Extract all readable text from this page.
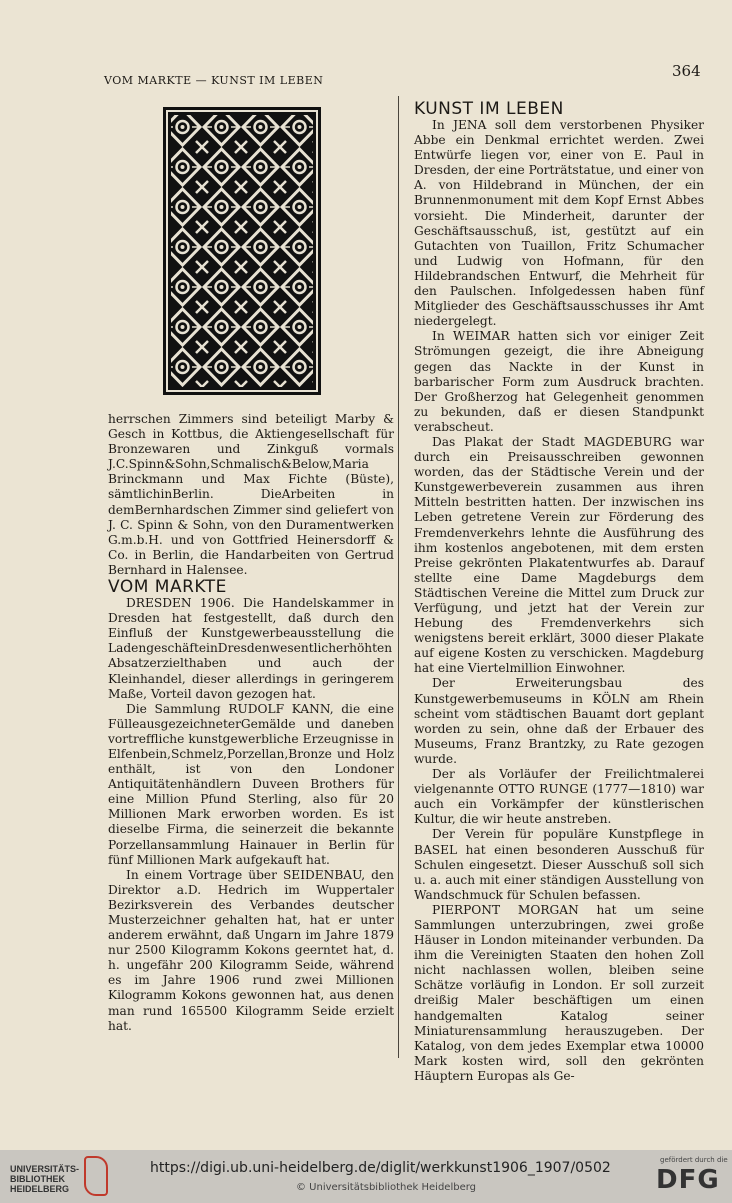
VOM MARKTE — KUNST IM LEBEN
364

herrschen Zimmers sind beteiligt Marby & Gesch in Kottbus, die Aktiengesellschaft für Bronzewaren und Zinkguß vormals J.C.Spinn&Sohn,Schmalisch&Below,Maria Brinckmann und Max Fichte (Büste), sämtlichinBerlin. DieArbeiten in demBernhardschen Zimmer sind geliefert von J. C. Spinn & Sohn, von den Duramentwerken G.m.b.H. und von Gottfried Heinersdorff & Co. in Berlin, die Handarbeiten von Gertrud Bernhard in Halensee.

VOM MARKTE

DRESDEN 1906. Die Handelskammer in Dresden hat festgestellt, daß durch den Einfluß der Kunstgewerbeausstellung die LadengeschäfteinDresdenwesentlicherhöhten Absatzerzielthaben und auch der Kleinhandel, dieser allerdings in geringerem Maße, Vorteil davon gezogen hat.

Die Sammlung RUDOLF KANN, die eine FülleausgezeichneterGemälde und daneben vortreffliche kunstgewerbliche Erzeugnisse in Elfenbein,Schmelz,Porzellan,Bronze und Holz enthält, ist von den Londoner Antiquitätenhändlern Duveen Brothers für eine Million Pfund Sterling, also für 20 Millionen Mark erworben worden. Es ist dieselbe Firma, die seinerzeit die bekannte Porzellansammlung Hainauer in Berlin für fünf Millionen Mark aufgekauft hat.

In einem Vortrage über SEIDENBAU, den Direktor a.D. Hedrich im Wuppertaler Bezirksverein des Verbandes deutscher Musterzeichner gehalten hat, hat er unter anderem erwähnt, daß Ungarn im Jahre 1879 nur 2500 Kilogramm Kokons geerntet hat, d. h. ungefähr 200 Kilogramm Seide, während es im Jahre 1906 rund zwei Millionen Kilogramm Kokons gewonnen hat, aus denen man rund 165500 Kilogramm Seide erzielt hat.

KUNST IM LEBEN

In JENA soll dem verstorbenen Physiker Abbe ein Denkmal errichtet werden. Zwei Entwürfe liegen vor, einer von E. Paul in Dresden, der eine Porträtstatue, und einer von A. von Hildebrand in München, der ein Brunnenmonument mit dem Kopf Ernst Abbes vorsieht. Die Minderheit, darunter der Geschäftsausschuß, ist, gestützt auf ein Gutachten von Tuaillon, Fritz Schumacher und Ludwig von Hofmann, für den Hildebrandschen Entwurf, die Mehrheit für den Paulschen. Infolgedessen haben fünf Mitglieder des Geschäftsausschusses ihr Amt niedergelegt.

In WEIMAR hatten sich vor einiger Zeit Strömungen gezeigt, die ihre Abneigung gegen das Nackte in der Kunst in barbarischer Form zum Ausdruck brachten. Der Großherzog hat Gelegenheit genommen zu bekunden, daß er diesen Standpunkt verabscheut.

Das Plakat der Stadt MAGDEBURG war durch ein Preisausschreiben gewonnen worden, das der Städtische Verein und der Kunstgewerbeverein zusammen aus ihren Mitteln bestritten hatten. Der inzwischen ins Leben getretene Verein zur Förderung des Fremdenverkehrs lehnte die Ausführung des ihm kostenlos angebotenen, mit dem ersten Preise gekrönten Plakatentwurfes ab. Darauf stellte eine Dame Magdeburgs dem Städtischen Vereine die Mittel zum Druck zur Verfügung, und jetzt hat der Verein zur Hebung des Fremdenverkehrs sich wenigstens bereit erklärt, 3000 dieser Plakate auf eigene Kosten zu verschicken. Magdeburg hat eine Viertelmillion Einwohner.

Der Erweiterungsbau des Kunstgewerbemuseums in KÖLN am Rhein scheint vom städtischen Bauamt dort geplant worden zu sein, ohne daß der Erbauer des Museums, Franz Brantzky, zu Rate gezogen wurde.

Der als Vorläufer der Freilichtmalerei vielgenannte OTTO RUNGE (1777—1810) war auch ein Vorkämpfer der künstlerischen Kultur, die wir heute anstreben.

Der Verein für populäre Kunstpflege in BASEL hat einen besonderen Ausschuß für Schulen eingesetzt. Dieser Ausschuß soll sich u. a. auch mit einer ständigen Ausstellung von Wandschmuck für Schulen befassen.

PIERPONT MORGAN hat um seine Sammlungen unterzubringen, zwei große Häuser in London miteinander verbunden. Da ihm die Vereinigten Staaten den hohen Zoll nicht nachlassen wollen, bleiben seine Schätze vorläufig in London. Er soll zurzeit dreißig Maler beschäftigen um einen handgemalten Katalog seiner Miniaturensammlung herauszugeben. Der Katalog, von dem jedes Exemplar etwa 10000 Mark kosten wird, soll den gekrönten Häuptern Europas als Ge-

UNIVERSITÄTS-
BIBLIOTHEK
HEIDELBERG
https://digi.ub.uni-heidelberg.de/diglit/werkkunst1906_1907/0502
© Universitätsbibliothek Heidelberg
gefördert durch die
DFG
